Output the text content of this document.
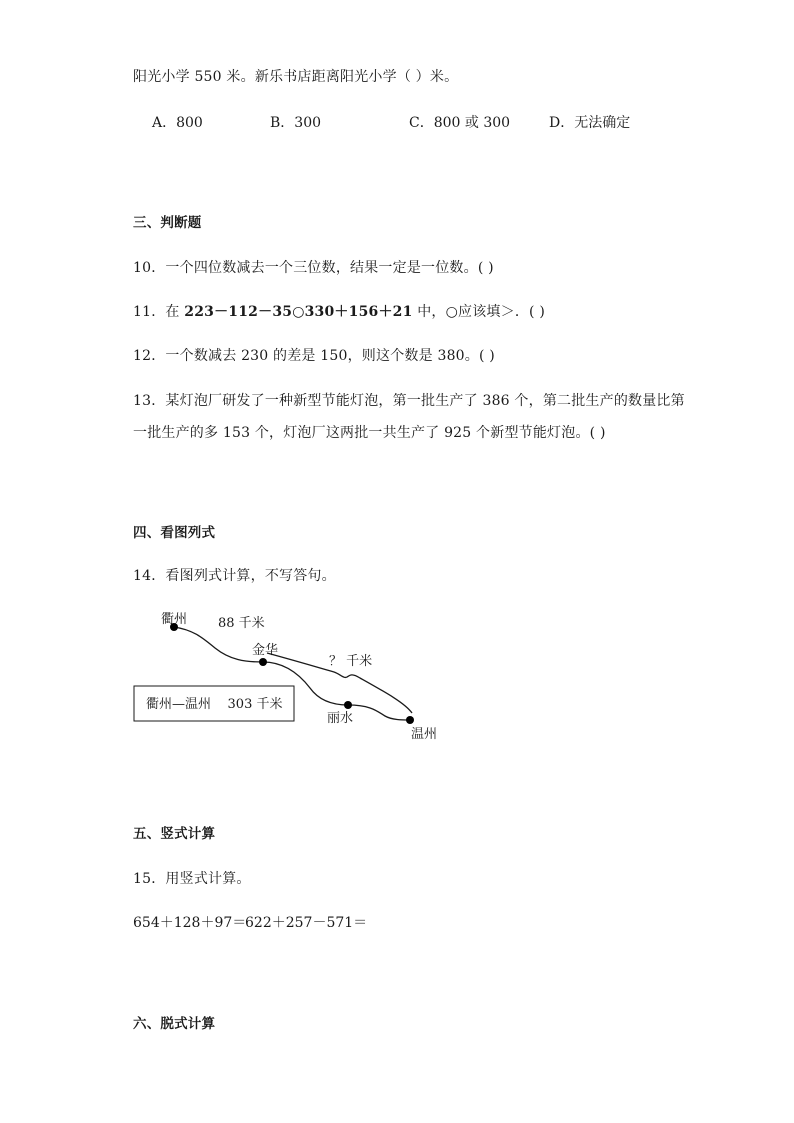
阳光小学 550 米。新乐书店距离阳光小学（ ）米。
A．800	B．300	C．800 或 300	D．无法确定
三、判断题
10．一个四位数减去一个三位数，结果一定是一位数。( )
11．在 223－112－35○330＋156＋21 中，○应该填＞．( )
12．一个数减去 230 的差是 150，则这个数是 380。( )
13．某灯泡厂研发了一种新型节能灯泡，第一批生产了 386 个，第二批生产的数量比第
一批生产的多 153 个，灯泡厂这两批一共生产了 925 个新型节能灯泡。( )
四、看图列式
14．看图列式计算，不写答句。
衢州
金华
丽水
温州
88 千米
？ 千米
衢州—温州    303 千米
五、竖式计算
15．用竖式计算。
654＋128＋97＝
622＋257－571＝
六、脱式计算
